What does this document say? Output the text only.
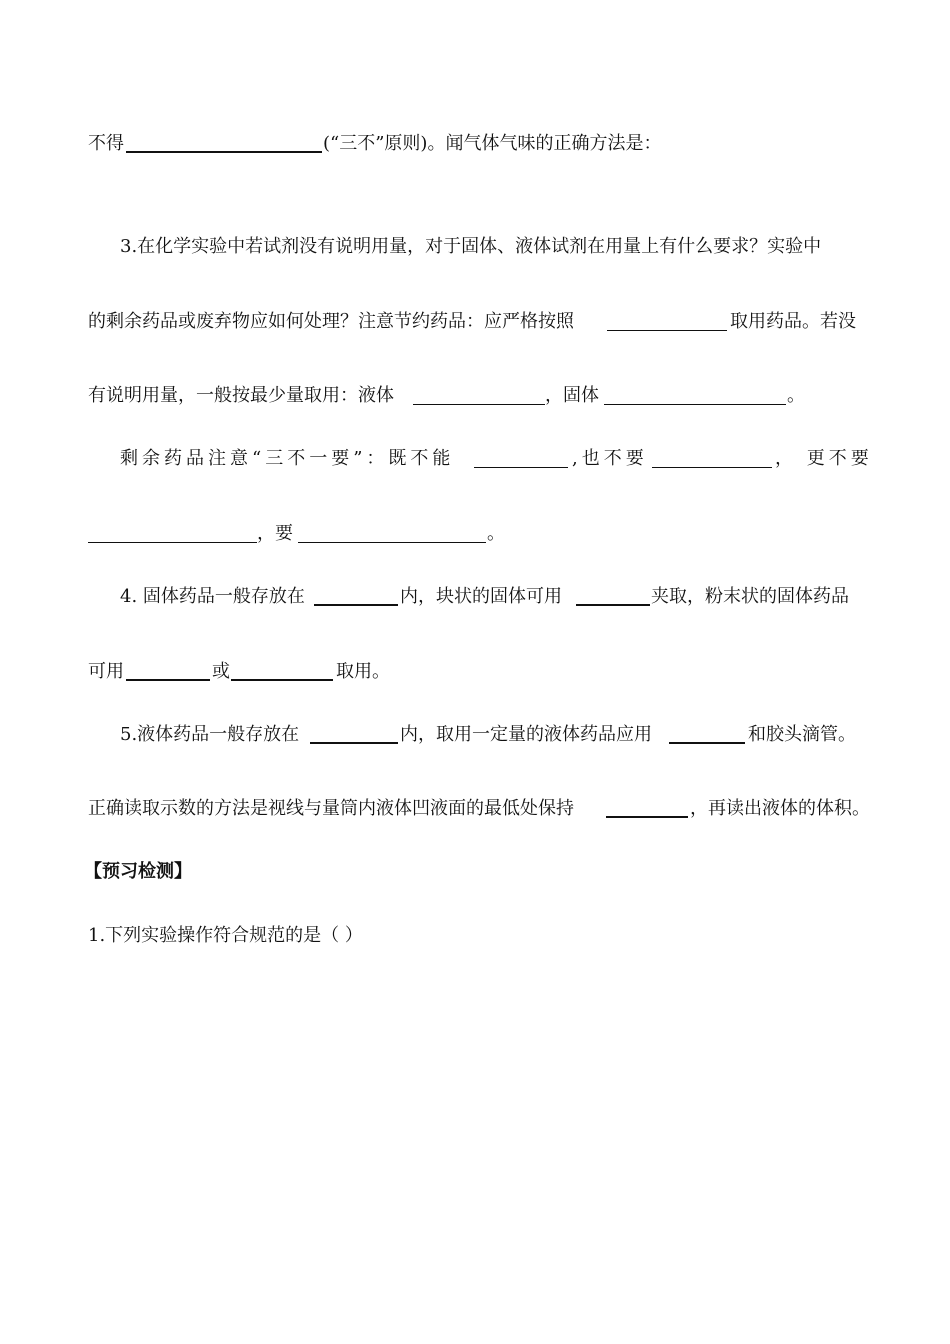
不得	(“三不”原则)。闻气体气味的正确方法是：
3.在化学实验中若试剂没有说明用量，对于固体、液体试剂在用量上有什么要求？实验中
的剩余药品或废弃物应如何处理？注意节约药品：应严格按照	取用药品。若没
有说明用量，一般按最少量取用：液体	，固体	。
剩余药品注意“三不一要”：既不能	,也不要	， 更不要
，要	。
4. 固体药品一般存放在	内，块状的固体可用	夹取，粉末状的固体药品
可用	或	取用。
5.液体药品一般存放在	内，取用一定量的液体药品应用	和胶头滴管。
正确读取示数的方法是视线与量筒内液体凹液面的最低处保持	，再读出液体的体积。
【预习检测】
1.下列实验操作符合规范的是（ ）
